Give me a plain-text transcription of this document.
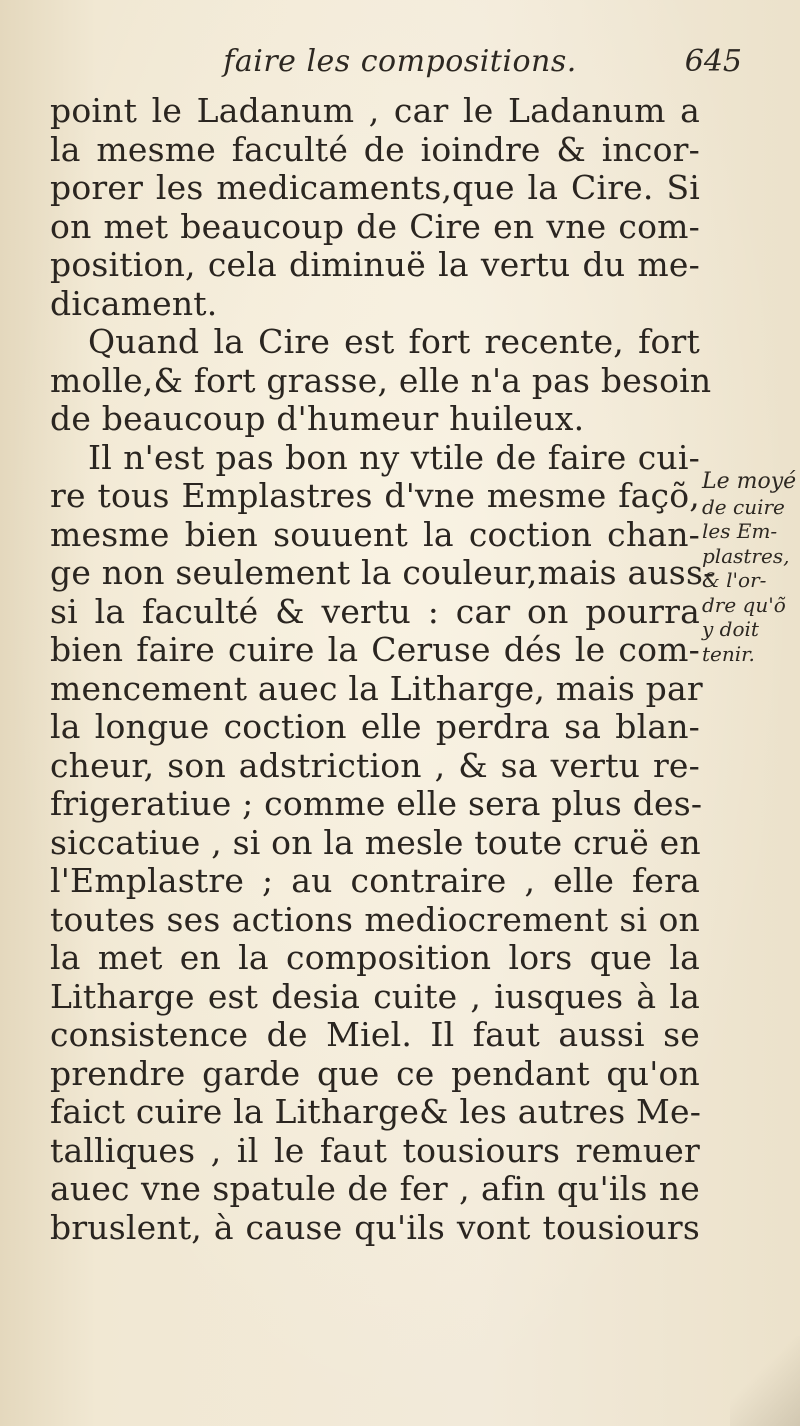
faire les compositions.	645
point le Ladanum , car le Ladanum a
la mesme faculté de ioindre & incor-
porer les medicaments,que la Cire. Si
on met beaucoup de Cire en vne com-
position, cela diminuë la vertu du me-
dicament.
Quand la Cire est fort recente, fort
molle,& fort grasse, elle n'a pas besoin
de beaucoup d'humeur huileux.
Il n'est pas bon ny vtile de faire cui-
re tous Emplastres d'vne mesme façõ,
mesme bien souuent la coction chan-
ge non seulement la couleur,mais auss-
si la faculté & vertu : car on pourra
bien faire cuire la Ceruse dés le com-
mencement auec la Litharge, mais par
la longue coction elle perdra sa blan-
cheur, son adstriction , & sa vertu re-
frigeratiue ; comme elle sera plus des-
siccatiue , si on la mesle toute cruë en
l'Emplastre ; au contraire , elle fera
toutes ses actions mediocrement si on
la met en la composition lors que la
Litharge est desia cuite , iusques à la
consistence de Miel. Il faut aussi se
prendre garde que ce pendant qu'on
faict cuire la Litharge& les autres Me-
talliques , il le faut tousiours remuer
auec vne spatule de fer , afin qu'ils ne
bruslent, à cause qu'ils vont tousiours
Le moyé
de cuire
les Em-
plastres,
& l'or-
dre qu'õ
y doit
tenir.
